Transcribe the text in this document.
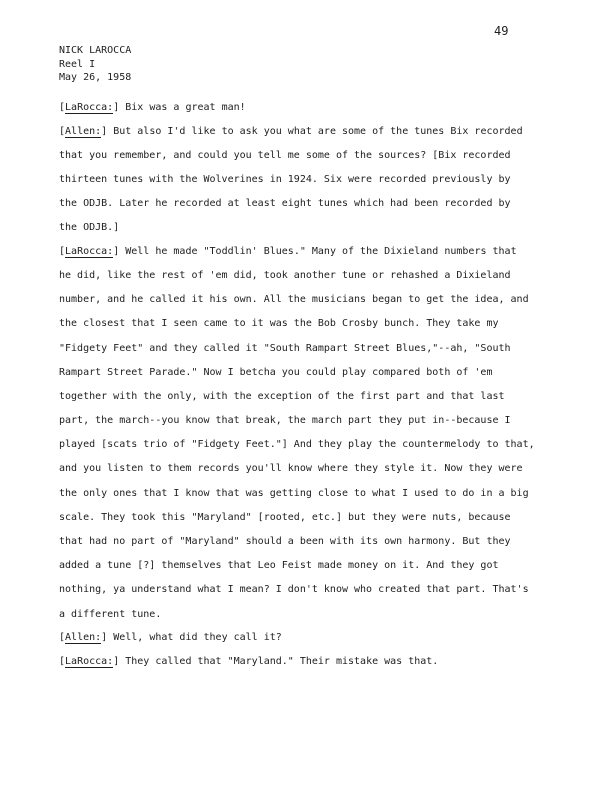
49
NICK LAROCCA
Reel I
May 26, 1958
[LaRocca:] Bix was a great man!
[Allen:] But also I'd like to ask you what are some of the tunes Bix recorded
that you remember, and could you tell me some of the sources? [Bix recorded
thirteen tunes with the Wolverines in 1924. Six were recorded previously by
the ODJB. Later he recorded at least eight tunes which had been recorded by
the ODJB.]
[LaRocca:] Well he made "Toddlin' Blues." Many of the Dixieland numbers that
he did, like the rest of 'em did, took another tune or rehashed a Dixieland
number, and he called it his own. All the musicians began to get the idea, and
the closest that I seen came to it was the Bob Crosby bunch. They take my
"Fidgety Feet" and they called it "South Rampart Street Blues,"--ah, "South
Rampart Street Parade." Now I betcha you could play compared both of 'em
together with the only, with the exception of the first part and that last
part, the march--you know that break, the march part they put in--because I
played [scats trio of "Fidgety Feet."] And they play the countermelody to that,
and you listen to them records you'll know where they style it. Now they were
the only ones that I know that was getting close to what I used to do in a big
scale. They took this "Maryland" [rooted, etc.] but they were nuts, because
that had no part of "Maryland" should a been with its own harmony. But they
added a tune [?] themselves that Leo Feist made money on it. And they got
nothing, ya understand what I mean? I don't know who created that part. That's
a different tune.
[Allen:] Well, what did they call it?
[LaRocca:] They called that "Maryland." Their mistake was that.
